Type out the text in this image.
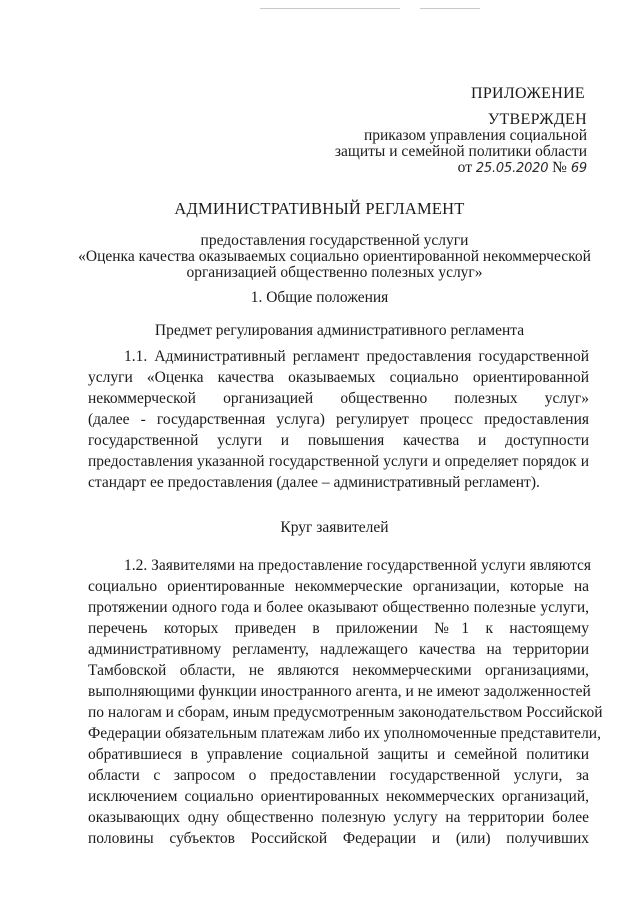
ПРИЛОЖЕНИЕ
УТВЕРЖДЕН
приказом управления социальной
защиты и семейной политики области
от 25.05.2020 № 69
АДМИНИСТРАТИВНЫЙ РЕГЛАМЕНТ
предоставления государственной услуги
«Оценка качества оказываемых социально ориентированной некоммерческой
организацией общественно полезных услуг»
1. Общие положения
Предмет регулирования административного регламента
1.1. Административный регламент предоставления государственной
услуги «Оценка качества оказываемых социально ориентированной
некоммерческой организацией общественно полезных услуг»
(далее - государственная услуга) регулирует процесс предоставления
государственной услуги и повышения качества и доступности
предоставления указанной государственной услуги и определяет порядок и
стандарт ее предоставления (далее – административный регламент).
Круг заявителей
1.2. Заявителями на предоставление государственной услуги являются
социально ориентированные некоммерческие организации, которые на
протяжении одного года и более оказывают общественно полезные услуги,
перечень которых приведен в приложении №1 к настоящему
административному регламенту, надлежащего качества на территории
Тамбовской области, не являются некоммерческими организациями,
выполняющими функции иностранного агента, и не имеют задолженностей
по налогам и сборам, иным предусмотренным законодательством Российской
Федерации обязательным платежам либо их уполномоченные представители,
обратившиеся в управление социальной защиты и семейной политики
области с запросом о предоставлении государственной услуги, за
исключением социально ориентированных некоммерческих организаций,
оказывающих одну общественно полезную услугу на территории более
половины субъектов Российской Федерации и (или) получивших
